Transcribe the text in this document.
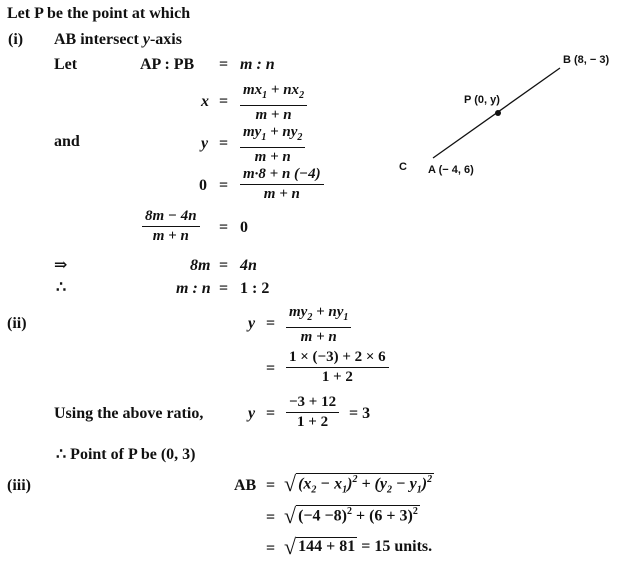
Let P be the point at which
(i) AB intersect y-axis
Let	AP : PB = m : n
$x = \frac{mx_1 + nx_2}{m + n}$
and	$y = \frac{my_1 + ny_2}{m + n}$
$0 = \frac{m\cdot 8 + n (-4)}{m + n}$
$\frac{8m - 4n}{m + n} = 0$
⇒	8m = 4n
∴	m : n = 1 : 2
(ii)	$y = \frac{my_2 + ny_1}{m + n}$
= $\frac{1 \times (-3) + 2 \times 6}{1 + 2}$
Using the above ratio,	$y = \frac{-3 + 12}{1 + 2} = 3$
∴ Point of P be (0, 3)
(iii)	AB = √ $(x_2 - x_1)^2 + (y_2 - y_1)^2$
= √ $(-4 -8)^2 + (6 + 3)^2$
= √ 144 + 81 = 15 units.
B (8, − 3)
P (0, y)
C A (− 4, 6)
